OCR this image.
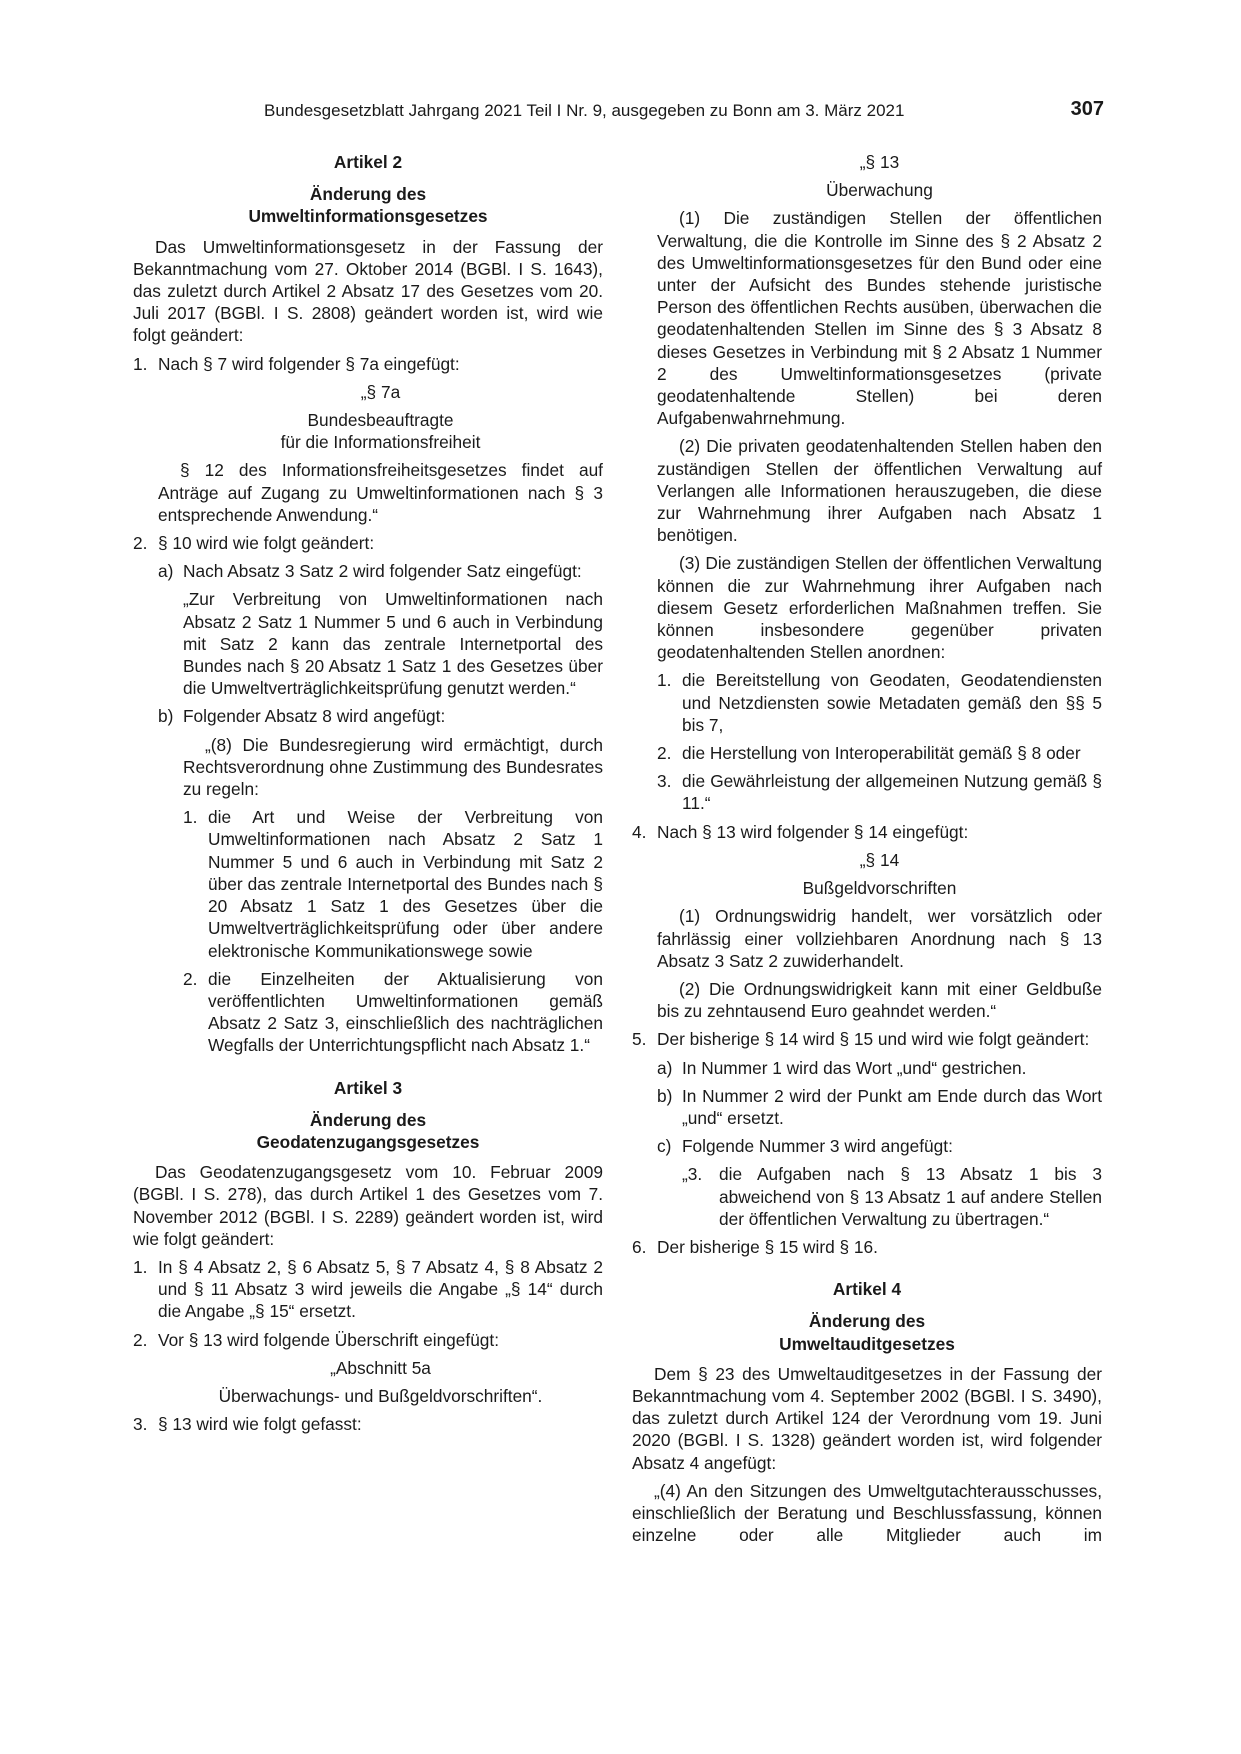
Bundesgesetzblatt Jahrgang 2021 Teil I Nr. 9, ausgegeben zu Bonn am 3. März 2021	307
Artikel 2
Änderung des
Umweltinformationsgesetzes

Das Umweltinformationsgesetz in der Fassung der Bekanntmachung vom 27. Oktober 2014 (BGBl. I S. 1643), das zuletzt durch Artikel 2 Absatz 17 des Gesetzes vom 20. Juli 2017 (BGBl. I S. 2808) geändert worden ist, wird wie folgt geändert:

1. Nach § 7 wird folgender § 7a eingefügt:
„§ 7a
Bundesbeauftragte
für die Informationsfreiheit

§ 12 des Informationsfreiheitsgesetzes findet auf Anträge auf Zugang zu Umweltinformationen nach § 3 entsprechende Anwendung.“

2. § 10 wird wie folgt geändert:
a) Nach Absatz 3 Satz 2 wird folgender Satz eingefügt:

„Zur Verbreitung von Umweltinformationen nach Absatz 2 Satz 1 Nummer 5 und 6 auch in Verbindung mit Satz 2 kann das zentrale Internetportal des Bundes nach § 20 Absatz 1 Satz 1 des Gesetzes über die Umweltverträglichkeitsprüfung genutzt werden.“

b) Folgender Absatz 8 wird angefügt:

„(8) Die Bundesregierung wird ermächtigt, durch Rechtsverordnung ohne Zustimmung des Bundesrates zu regeln:

1. die Art und Weise der Verbreitung von Umweltinformationen nach Absatz 2 Satz 1 Nummer 5 und 6 auch in Verbindung mit Satz 2 über das zentrale Internetportal des Bundes nach § 20 Absatz 1 Satz 1 des Gesetzes über die Umweltverträglichkeitsprüfung oder über andere elektronische Kommunikationswege sowie
2. die Einzelheiten der Aktualisierung von veröffentlichten Umweltinformationen gemäß Absatz 2 Satz 3, einschließlich des nachträglichen Wegfalls der Unterrichtungspflicht nach Absatz 1.“
Artikel 3
Änderung des
Geodatenzugangsgesetzes

Das Geodatenzugangsgesetz vom 10. Februar 2009 (BGBl. I S. 278), das durch Artikel 1 des Gesetzes vom 7. November 2012 (BGBl. I S. 2289) geändert worden ist, wird wie folgt geändert:

1. In § 4 Absatz 2, § 6 Absatz 5, § 7 Absatz 4, § 8 Absatz 2 und § 11 Absatz 3 wird jeweils die Angabe „§ 14“ durch die Angabe „§ 15“ ersetzt.
2. Vor § 13 wird folgende Überschrift eingefügt:
„Abschnitt 5a
Überwachungs- und Bußgeldvorschriften“.
3. § 13 wird wie folgt gefasst:
„§ 13
Überwachung

(1) Die zuständigen Stellen der öffentlichen Verwaltung, die die Kontrolle im Sinne des § 2 Absatz 2 des Umweltinformationsgesetzes für den Bund oder eine unter der Aufsicht des Bundes stehende juristische Person des öffentlichen Rechts ausüben, überwachen die geodatenhaltenden Stellen im Sinne des § 3 Absatz 8 dieses Gesetzes in Verbindung mit § 2 Absatz 1 Nummer 2 des Umweltinformationsgesetzes (private geodatenhaltende Stellen) bei deren Aufgabenwahrnehmung.

(2) Die privaten geodatenhaltenden Stellen haben den zuständigen Stellen der öffentlichen Verwaltung auf Verlangen alle Informationen herauszugeben, die diese zur Wahrnehmung ihrer Aufgaben nach Absatz 1 benötigen.

(3) Die zuständigen Stellen der öffentlichen Verwaltung können die zur Wahrnehmung ihrer Aufgaben nach diesem Gesetz erforderlichen Maßnahmen treffen. Sie können insbesondere gegenüber privaten geodatenhaltenden Stellen anordnen:

1. die Bereitstellung von Geodaten, Geodatendiensten und Netzdiensten sowie Metadaten gemäß den §§ 5 bis 7,
2. die Herstellung von Interoperabilität gemäß § 8 oder
3. die Gewährleistung der allgemeinen Nutzung gemäß § 11.“
4. Nach § 13 wird folgender § 14 eingefügt:
„§ 14
Bußgeldvorschriften

(1) Ordnungswidrig handelt, wer vorsätzlich oder fahrlässig einer vollziehbaren Anordnung nach § 13 Absatz 3 Satz 2 zuwiderhandelt.

(2) Die Ordnungswidrigkeit kann mit einer Geldbuße bis zu zehntausend Euro geahndet werden.“

5. Der bisherige § 14 wird § 15 und wird wie folgt geändert:
a) In Nummer 1 wird das Wort „und“ gestrichen.
b) In Nummer 2 wird der Punkt am Ende durch das Wort „und“ ersetzt.
c) Folgende Nummer 3 wird angefügt:
„3. die Aufgaben nach § 13 Absatz 1 bis 3 abweichend von § 13 Absatz 1 auf andere Stellen der öffentlichen Verwaltung zu übertragen.“
6. Der bisherige § 15 wird § 16.
Artikel 4
Änderung des
Umweltauditgesetzes

Dem § 23 des Umweltauditgesetzes in der Fassung der Bekanntmachung vom 4. September 2002 (BGBl. I S. 3490), das zuletzt durch Artikel 124 der Verordnung vom 19. Juni 2020 (BGBl. I S. 1328) geändert worden ist, wird folgender Absatz 4 angefügt:

„(4) An den Sitzungen des Umweltgutachterausschusses, einschließlich der Beratung und Beschlussfassung, können einzelne oder alle Mitglieder auch im
